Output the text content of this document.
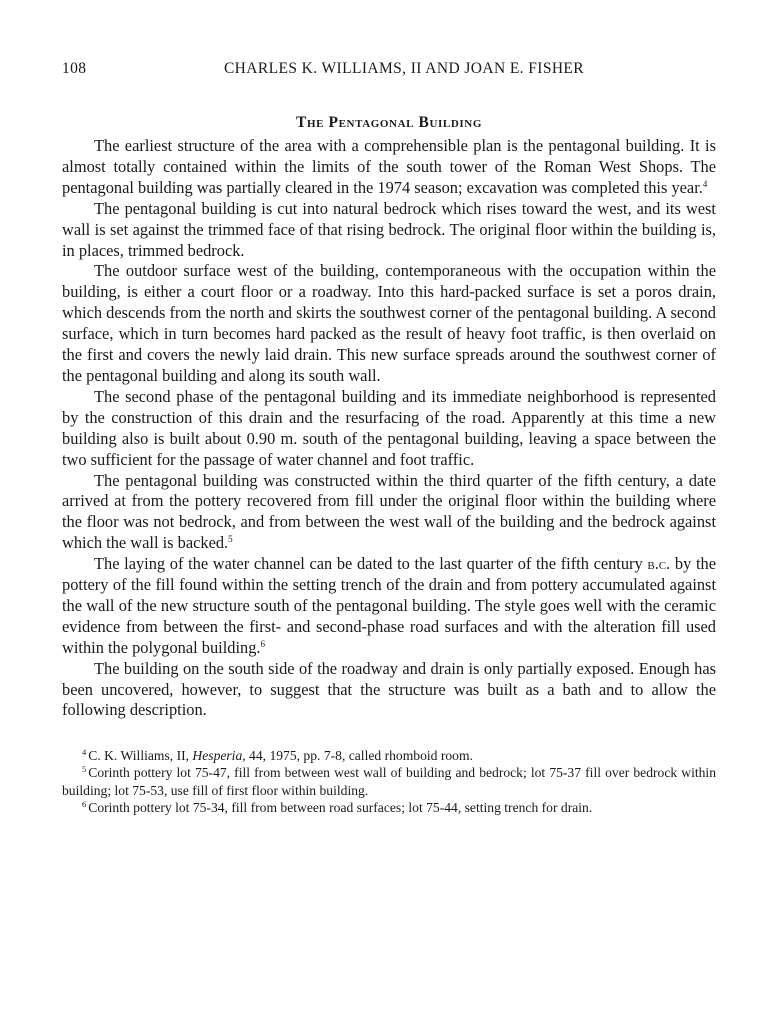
108	CHARLES K. WILLIAMS, II AND JOAN E. FISHER
The Pentagonal Building

The earliest structure of the area with a comprehensible plan is the pentagonal building. It is almost totally contained within the limits of the south tower of the Roman West Shops. The pentagonal building was partially cleared in the 1974 season; excavation was completed this year.$^4$

The pentagonal building is cut into natural bedrock which rises toward the west, and its west wall is set against the trimmed face of that rising bedrock. The original floor within the building is, in places, trimmed bedrock.

The outdoor surface west of the building, contemporaneous with the occupation within the building, is either a court floor or a roadway. Into this hard-packed surface is set a poros drain, which descends from the north and skirts the southwest corner of the pentagonal building. A second surface, which in turn becomes hard packed as the result of heavy foot traffic, is then overlaid on the first and covers the newly laid drain. This new surface spreads around the southwest corner of the pentagonal building and along its south wall.

The second phase of the pentagonal building and its immediate neighborhood is represented by the construction of this drain and the resurfacing of the road. Apparently at this time a new building also is built about 0.90 m. south of the pentagonal building, leaving a space between the two sufficient for the passage of water channel and foot traffic.

The pentagonal building was constructed within the third quarter of the fifth century, a date arrived at from the pottery recovered from fill under the original floor within the building where the floor was not bedrock, and from between the west wall of the building and the bedrock against which the wall is backed.$^5$

The laying of the water channel can be dated to the last quarter of the fifth century b.c. by the pottery of the fill found within the setting trench of the drain and from pottery accumulated against the wall of the new structure south of the pentagonal building. The style goes well with the ceramic evidence from between the first- and second-phase road surfaces and with the alteration fill used within the polygonal building.$^6$

The building on the south side of the roadway and drain is only partially exposed. Enough has been uncovered, however, to suggest that the structure was built as a bath and to allow the following description.

$^4$ C. K. Williams, II, Hesperia, 44, 1975, pp. 7-8, called rhomboid room.

$^5$ Corinth pottery lot 75-47, fill from between west wall of building and bedrock; lot 75-37 fill over bedrock within building; lot 75-53, use fill of first floor within building.

$^6$ Corinth pottery lot 75-34, fill from between road surfaces; lot 75-44, setting trench for drain.
